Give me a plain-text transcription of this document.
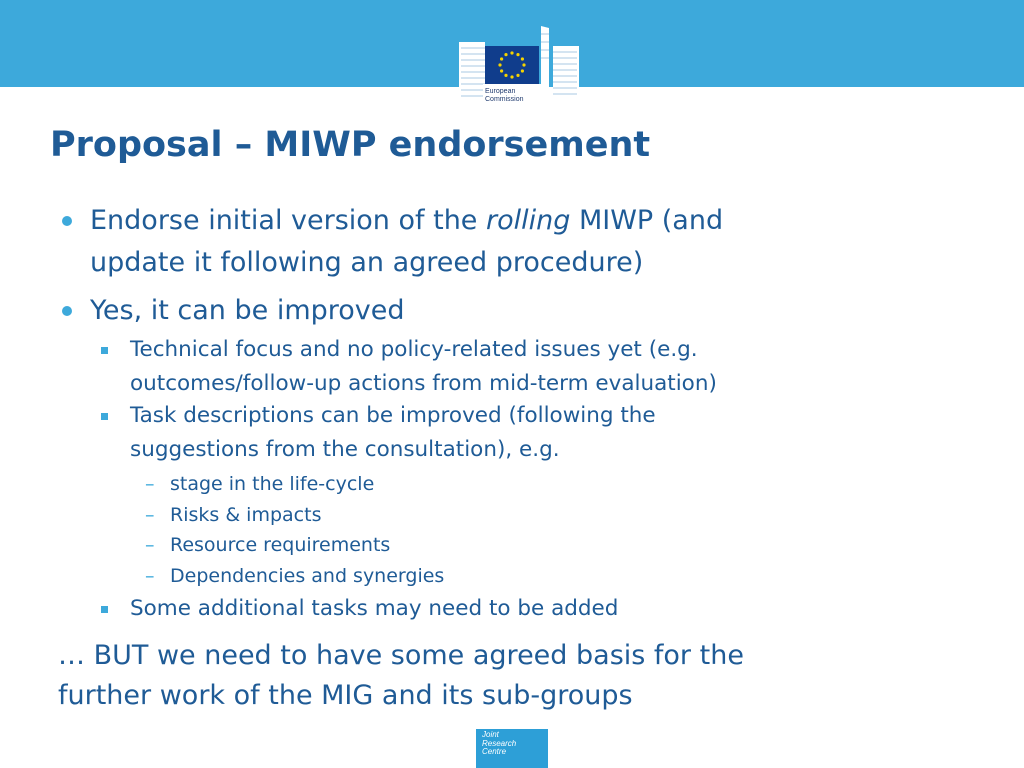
European
Commission
Proposal – MIWP endorsement
Endorse initial version of the rolling MIWP (and
update it following an agreed procedure)
Yes, it can be improved
Technical focus and no policy-related issues yet (e.g.
outcomes/follow-up actions from mid-term evaluation)
Task descriptions can be improved (following the
suggestions from the consultation), e.g.
– stage in the life-cycle
– Risks & impacts
– Resource requirements
– Dependencies and synergies
Some additional tasks may need to be added
… BUT we need to have some agreed basis for the
further work of the MIG and its sub-groups
Joint
Research
Centre
